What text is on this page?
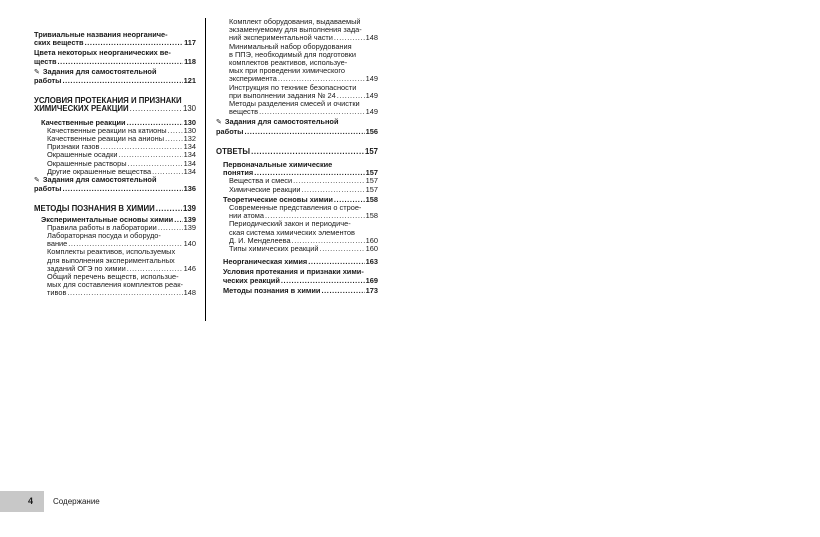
Тривиальные названия неорганиче-
ских веществ .....	117
Цвета некоторых неорганических ве-
ществ .....	118
✎ Задания для самостоятельной
работы .....	121
УСЛОВИЯ ПРОТЕКАНИЯ И ПРИЗНАКИ
ХИМИЧЕСКИХ РЕАКЦИЙ .....	130
Качественные реакции .....	130
Качественные реакции на катионы ..... 130
Качественные реакции на анионы .....	132
Признаки газов .....	134
Окрашенные осадки .....	134
Окрашенные растворы .....	134
Другие окрашенные вещества .....	134
✎ Задания для самостоятельной
работы .....	136
МЕТОДЫ ПОЗНАНИЯ В ХИМИИ .....	139
Экспериментальные основы химии ..... 139
Правила работы в лаборатории .....	139
Лабораторная посуда и оборудо-
вание .....	140
Комплекты реактивов, используемых
для выполнения экспериментальных
заданий ОГЭ по химии .....	146
Общий перечень веществ, использue-
мых для составления комплектов реак-
тивов .....	148
Комплект оборудования, выдаваемый
экзаменуемому для выполнения зада-
ний экспериментальной части .....	148
Минимальный набор оборудования
в ППЭ, необходимый для подготовки
комплектов реактивов, используе-
мых при проведении химического
эксперимента .....	149
Инструкция по технике безопасности
при выполнении задания № 24 .....	149
Методы разделения смесей и очистки
веществ .....	149
✎ Задания для самостоятельной
работы .....	156
ОТВЕТЫ .....	157
Первоначальные химические
понятия .....	157
Вещества и смеси .....	157
Химические реакции .....	157
Теоретические основы химии .....	158
Современные представления о строе-
нии атома .....	158
Периодический закон и периодиче-
ская система химических элементов
Д. И. Менделеева .....	160
Типы химических реакций .....	160
Неорганическая химия .....	163
Условия протекания и признаки хими-
ческих реакций .....	169
Методы познания в химии .....	173
4 Содержание
